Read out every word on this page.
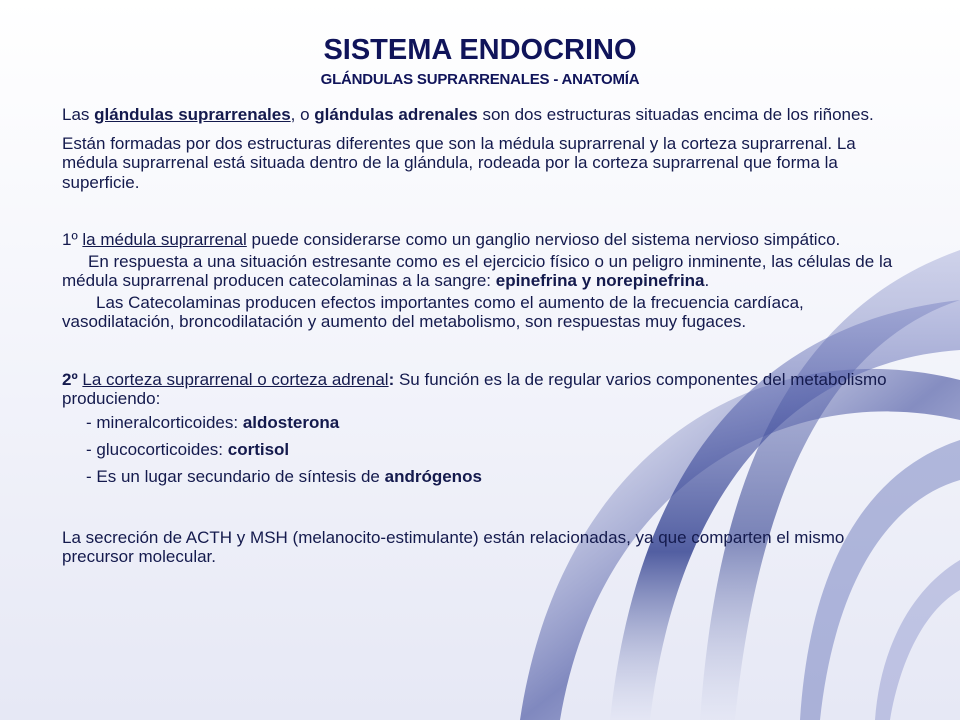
SISTEMA ENDOCRINO
GLÁNDULAS SUPRARRENALES - ANATOMÍA

Las glándulas suprarrenales, o glándulas adrenales son dos estructuras situadas encima de los riñones.

Están formadas por dos estructuras diferentes que son la médula suprarrenal y la corteza suprarrenal. La médula suprarrenal está situada dentro de la glándula, rodeada por la corteza suprarrenal que forma la superficie.

1º la médula suprarrenal puede considerarse como un ganglio nervioso del sistema nervioso simpático.

En respuesta a una situación estresante como es el ejercicio físico o un peligro inminente, las células de la médula suprarrenal producen catecolaminas a la sangre: epinefrina y norepinefrina.

Las Catecolaminas producen efectos importantes como el aumento de la frecuencia cardíaca, vasodilatación, broncodilatación y aumento del metabolismo, son respuestas muy fugaces.

2º La corteza suprarrenal o corteza adrenal: Su función es la de regular varios componentes del metabolismo produciendo:

- mineralcorticoides: aldosterona

- glucocorticoides: cortisol

- Es un lugar secundario de síntesis de andrógenos

La secreción de ACTH y MSH (melanocito-estimulante) están relacionadas, ya que comparten el mismo precursor molecular.
